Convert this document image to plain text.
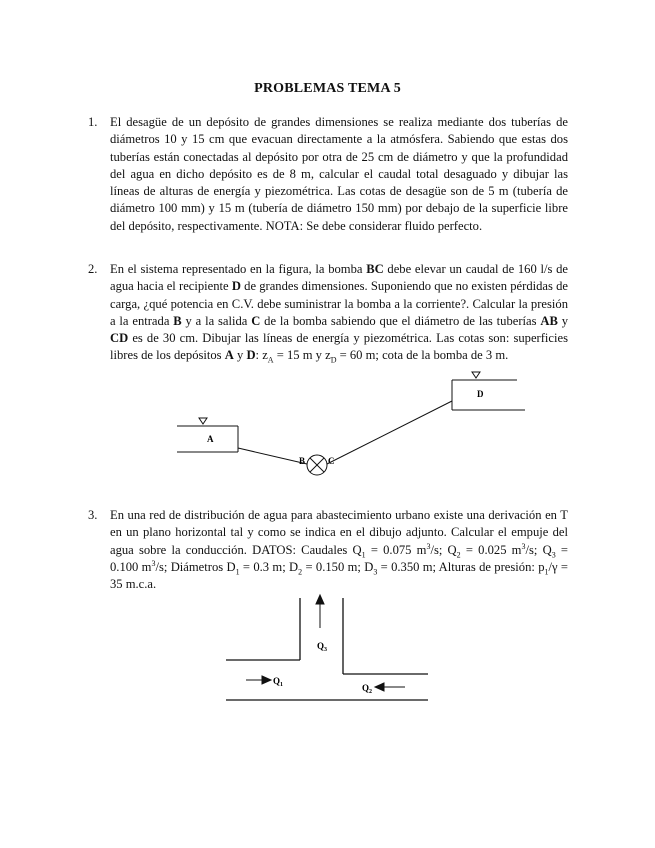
PROBLEMAS TEMA 5
1. El desagüe de un depósito de grandes dimensiones se realiza mediante dos tuberías de diámetros 10 y 15 cm que evacuan directamente a la atmósfera. Sabiendo que estas dos tuberías están conectadas al depósito por otra de 25 cm de diámetro y que la profundidad del agua en dicho depósito es de 8 m, calcular el caudal total desaguado y dibujar las líneas de alturas de energía y piezométrica. Las cotas de desagüe son de 5 m (tubería de diámetro 100 mm) y 15 m (tubería de diámetro 150 mm) por debajo de la superficie libre del depósito, respectivamente. NOTA: Se debe considerar fluido perfecto.
2. En el sistema representado en la figura, la bomba BC debe elevar un caudal de 160 l/s de agua hacia el recipiente D de grandes dimensiones. Suponiendo que no existen pérdidas de carga, ¿qué potencia en C.V. debe suministrar la bomba a la corriente?. Calcular la presión a la entrada B y a la salida C de la bomba sabiendo que el diámetro de las tuberías AB y CD es de 30 cm. Dibujar las líneas de energía y piezométrica. Las cotas son: superficies libres de los depósitos A y D: $z_A = 15$ m y $z_D = 60$ m; cota de la bomba de 3 m.
A
B	C
D
3. En una red de distribución de agua para abastecimiento urbano existe una derivación en T en un plano horizontal tal y como se indica en el dibujo adjunto. Calcular el empuje del agua sobre la conducción. DATOS: Caudales $Q_1 = 0.075$ $m^3/s$; $Q_2 = 0.025$ $m^3/s$; $Q_3 = 0.100$ $m^3/s$; Diámetros $D_1 = 0.3$ m; $D_2 = 0.150$ m; $D_3 = 0.350$ m; Alturas de presión: $p_1/\gamma = 35$ m.c.a.
$Q_3$
$Q_1$	$Q_2$
